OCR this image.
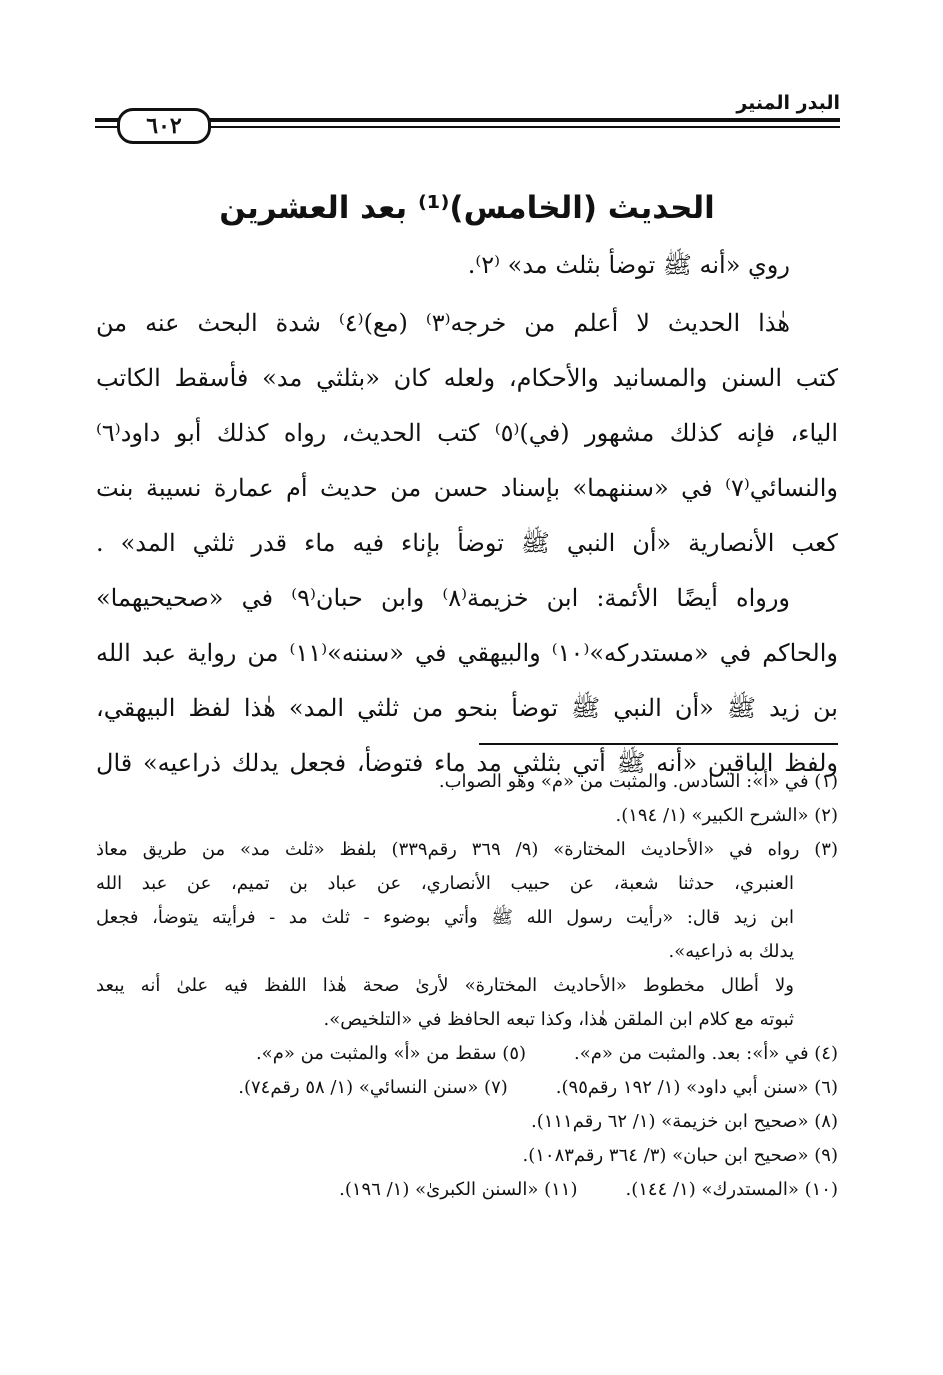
البدر المنير
٦٠٢
الحديث (الخامس)⁽¹⁾ بعد العشرين
روي «أنه ﷺ توضأ بثلث مد» ⁽٢⁾.
هٰذا الحديث لا أعلم من خرجه⁽٣⁾ (مع)⁽٤⁾ شدة البحث عنه من
كتب السنن والمسانيد والأحكام، ولعله كان «بثلثي مد» فأسقط الكاتب
الياء، فإنه كذلك مشهور (في)⁽٥⁾ كتب الحديث، رواه كذلك أبو داود⁽٦⁾
والنسائي⁽٧⁾ في «سننهما» بإسناد حسن من حديث أم عمارة نسيبة بنت
كعب الأنصارية «أن النبي ﷺ توضأ بإناء فيه ماء قدر ثلثي المد» .
ورواه أيضًا الأئمة: ابن خزيمة⁽٨⁾ وابن حبان⁽٩⁾ في «صحيحيهما»
والحاكم في «مستدركه»⁽١٠⁾ والبيهقي في «سننه»⁽١١⁾ من رواية عبد الله
بن زيد ﷺ «أن النبي ﷺ توضأ بنحو من ثلثي المد» هٰذا لفظ البيهقي،
ولفظ الباقين «أنه ﷺ أتي بثلثي مد ماء فتوضأ، فجعل يدلك ذراعيه» قال
(١) في «أ»: السادس. والمثبت من «م» وهو الصواب.
(٢) «الشرح الكبير» (١/ ١٩٤).
(٣) رواه في «الأحاديث المختارة» (٩/ ٣٦٩ رقم٣٣٩) بلفظ «ثلث مد» من طريق معاذ
العنبري، حدثنا شعبة، عن حبيب الأنصاري، عن عباد بن تميم، عن عبد الله
ابن زيد قال: «رأيت رسول الله ﷺ وأتي بوضوء - ثلث مد - فرأيته يتوضأ، فجعل
يدلك به ذراعيه».
ولا أطال مخطوط «الأحاديث المختارة» لأرىٰ صحة هٰذا اللفظ فيه علىٰ أنه يبعد
ثبوته مع كلام ابن الملقن هٰذا، وكذا تبعه الحافظ في «التلخيص».
(٤) في «أ»: بعد. والمثبت من «م».
(٥) سقط من «أ» والمثبت من «م».
(٦) «سنن أبي داود» (١/ ١٩٢ رقم٩٥).
(٧) «سنن النسائي» (١/ ٥٨ رقم٧٤).
(٨) «صحيح ابن خزيمة» (١/ ٦٢ رقم١١١).
(٩) «صحيح ابن حبان» (٣/ ٣٦٤ رقم١٠٨٣).
(١٠) «المستدرك» (١/ ١٤٤).
(١١) «السنن الكبرىٰ» (١/ ١٩٦).
